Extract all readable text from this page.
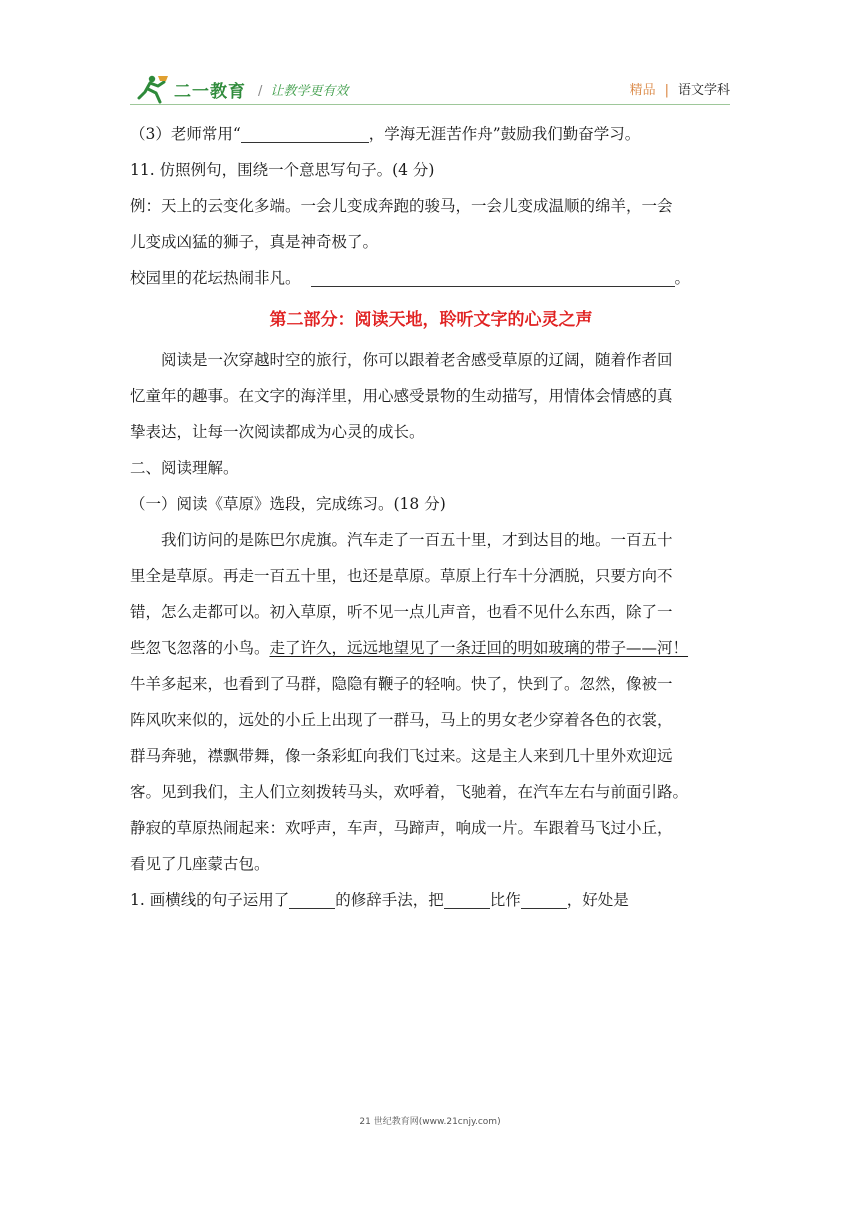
二一教育 / 让教学更有效	精品 | 语文学科

（3）老师常用“	，学海无涯苦作舟”鼓励我们勤奋学习。

11. 仿照例句，围绕一个意思写句子。(4 分)

例：天上的云变化多端。一会儿变成奔跑的骏马，一会儿变成温顺的绵羊，一会

儿变成凶猛的狮子，真是神奇极了。

校园里的花坛热闹非凡。	。

第二部分：阅读天地，聆听文字的心灵之声

阅读是一次穿越时空的旅行，你可以跟着老舍感受草原的辽阔，随着作者回

忆童年的趣事。在文字的海洋里，用心感受景物的生动描写，用情体会情感的真

挚表达，让每一次阅读都成为心灵的成长。

二、阅读理解。

（一）阅读《草原》选段，完成练习。(18 分)

我们访问的是陈巴尔虎旗。汽车走了一百五十里，才到达目的地。一百五十

里全是草原。再走一百五十里，也还是草原。草原上行车十分洒脱，只要方向不

错，怎么走都可以。初入草原，听不见一点儿声音，也看不见什么东西，除了一

些忽飞忽落的小鸟。走了许久，远远地望见了一条迂回的明如玻璃的带子——河！

牛羊多起来，也看到了马群，隐隐有鞭子的轻响。快了，快到了。忽然，像被一

阵风吹来似的，远处的小丘上出现了一群马，马上的男女老少穿着各色的衣裳，

群马奔驰，襟飘带舞，像一条彩虹向我们飞过来。这是主人来到几十里外欢迎远

客。见到我们，主人们立刻拨转马头，欢呼着，飞驰着，在汽车左右与前面引路。

静寂的草原热闹起来：欢呼声，车声，马蹄声，响成一片。车跟着马飞过小丘，

看见了几座蒙古包。

1. 画横线的句子运用了	的修辞手法，把	比作	，好处是

21 世纪教育网(www.21cnjy.com)
